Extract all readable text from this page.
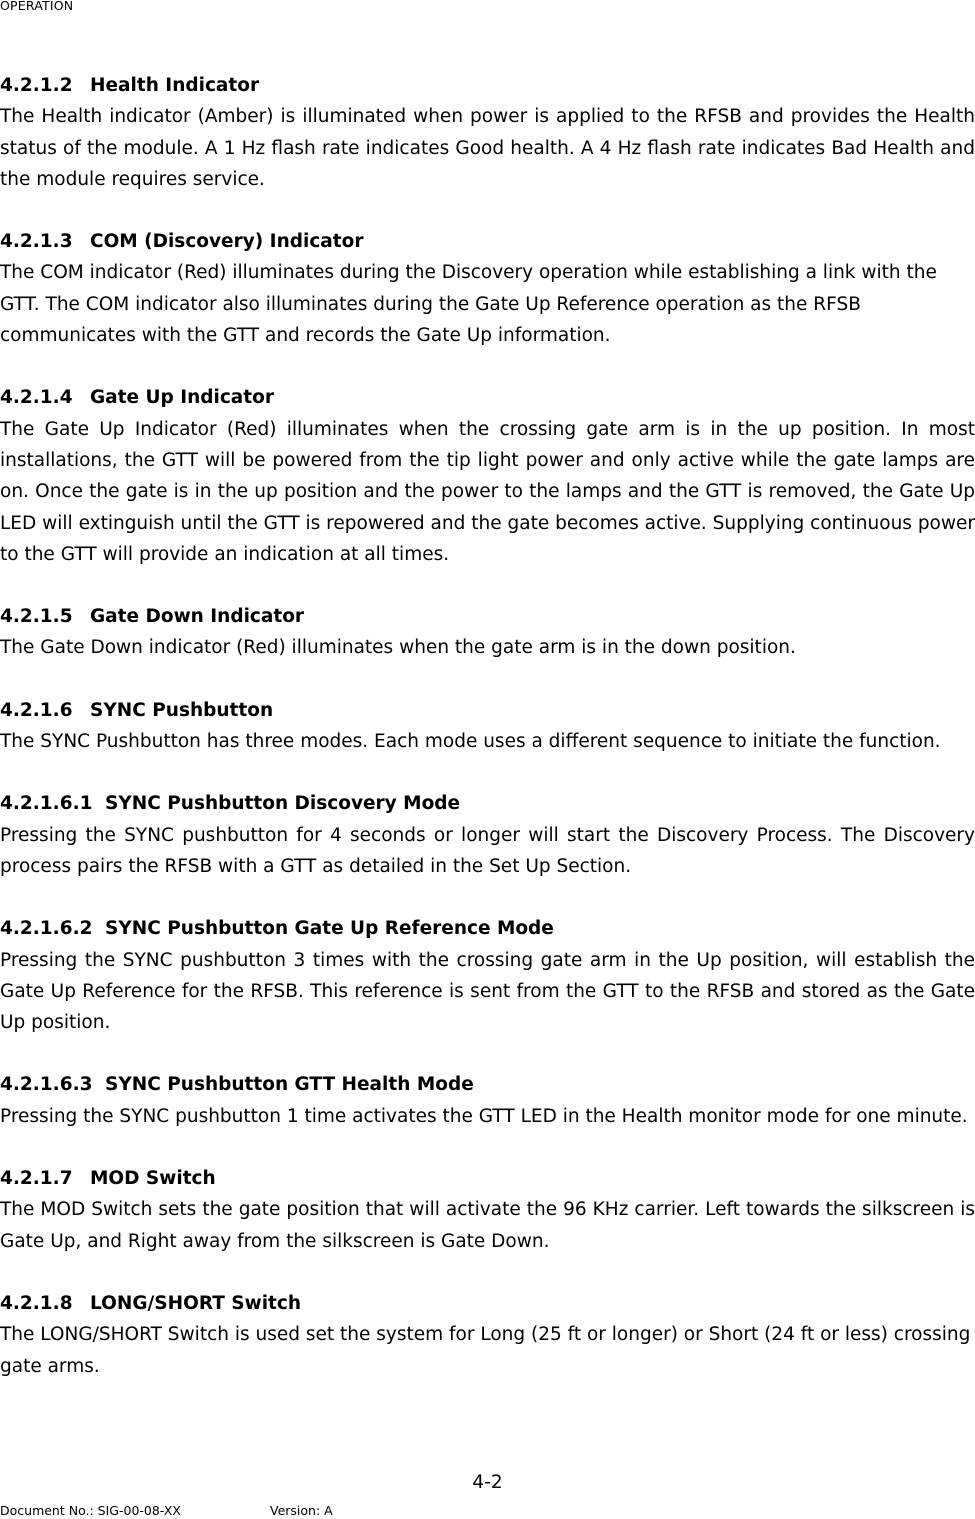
OPERATION
4.2.1.2 Health Indicator

The Health indicator (Amber) is illuminated when power is applied to the RFSB and provides the Health status of the module. A 1 Hz flash rate indicates Good health. A 4 Hz flash rate indicates Bad Health and the module requires service.

4.2.1.3 COM (Discovery) Indicator

The COM indicator (Red) illuminates during the Discovery operation while establishing a link with the GTT. The COM indicator also illuminates during the Gate Up Reference operation as the RFSB communicates with the GTT and records the Gate Up information.

4.2.1.4 Gate Up Indicator

The Gate Up Indicator (Red) illuminates when the crossing gate arm is in the up position. In most installations, the GTT will be powered from the tip light power and only active while the gate lamps are on. Once the gate is in the up position and the power to the lamps and the GTT is removed, the Gate Up LED will extinguish until the GTT is repowered and the gate becomes active. Supplying continuous power to the GTT will provide an indication at all times.

4.2.1.5 Gate Down Indicator

The Gate Down indicator (Red) illuminates when the gate arm is in the down position.

4.2.1.6 SYNC Pushbutton

The SYNC Pushbutton has three modes. Each mode uses a different sequence to initiate the function.

4.2.1.6.1 SYNC Pushbutton Discovery Mode

Pressing the SYNC pushbutton for 4 seconds or longer will start the Discovery Process. The Discovery process pairs the RFSB with a GTT as detailed in the Set Up Section.

4.2.1.6.2 SYNC Pushbutton Gate Up Reference Mode

Pressing the SYNC pushbutton 3 times with the crossing gate arm in the Up position, will establish the Gate Up Reference for the RFSB. This reference is sent from the GTT to the RFSB and stored as the Gate Up position.

4.2.1.6.3 SYNC Pushbutton GTT Health Mode

Pressing the SYNC pushbutton 1 time activates the GTT LED in the Health monitor mode for one minute.

4.2.1.7 MOD Switch

The MOD Switch sets the gate position that will activate the 96 KHz carrier. Left towards the silkscreen is Gate Up, and Right away from the silkscreen is Gate Down.

4.2.1.8 LONG/SHORT Switch

The LONG/SHORT Switch is used set the system for Long (25 ft or longer) or Short (24 ft or less) crossing gate arms.

4-2
Document No.: SIG-00-08-XX	Version: A
